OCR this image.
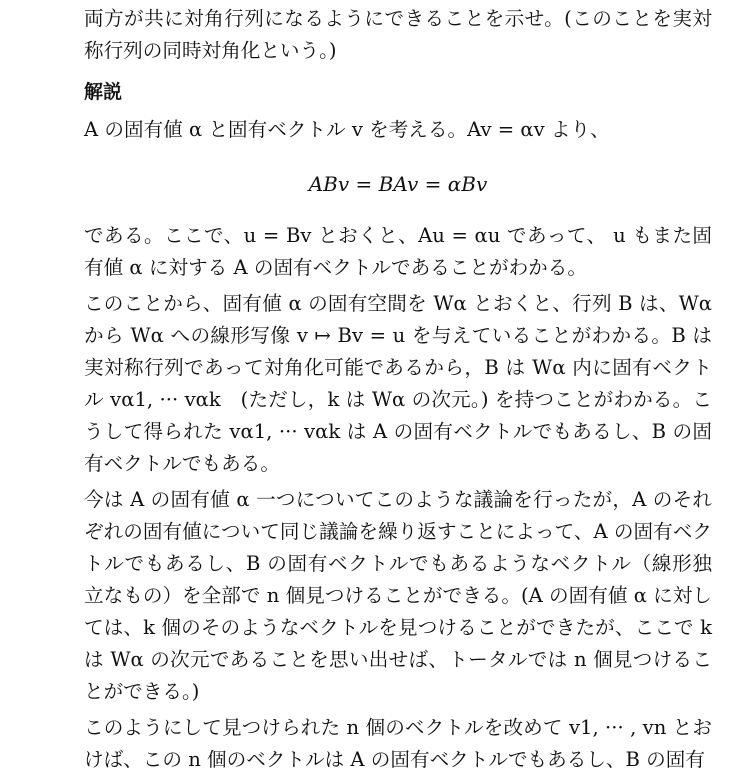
両方が共に対角行列になるようにできることを示せ。(このことを実対称行列の同時対角化という。)

解説

A の固有値 α と固有ベクトル v を考える。Av = αv より、

ABv = BAv = αBv

である。ここで、u = Bv とおくと、Au = αu であって、 u もまた固有値 α に対する A の固有ベクトルであることがわかる。

このことから、固有値 α の固有空間を Wα とおくと、行列 B は、Wα から Wα への線形写像 v ↦ Bv = u を与えていることがわかる。B は実対称行列であって対角化可能であるから，B は Wα 内に固有ベクトル vα1, ··· vαk　(ただし，k は Wα の次元。) を持つことがわかる。こうして得られた vα1, ··· vαk は A の固有ベクトルでもあるし、B の固有ベクトルでもある。

今は A の固有値 α 一つについてこのような議論を行ったが，A のそれぞれの固有値について同じ議論を繰り返すことによって、A の固有ベクトルでもあるし、B の固有ベクトルでもあるようなベクトル（線形独立なもの）を全部で n 個見つけることができる。(A の固有値 α に対しては、k 個のそのようなベクトルを見つけることができたが、ここで k は Wα の次元であることを思い出せば、トータルでは n 個見つけることができる。)

このようにして見つけられた n 個のベクトルを改めて v1, ··· , vn とおけば、この n 個のベクトルは A の固有ベクトルでもあるし、B の固有
